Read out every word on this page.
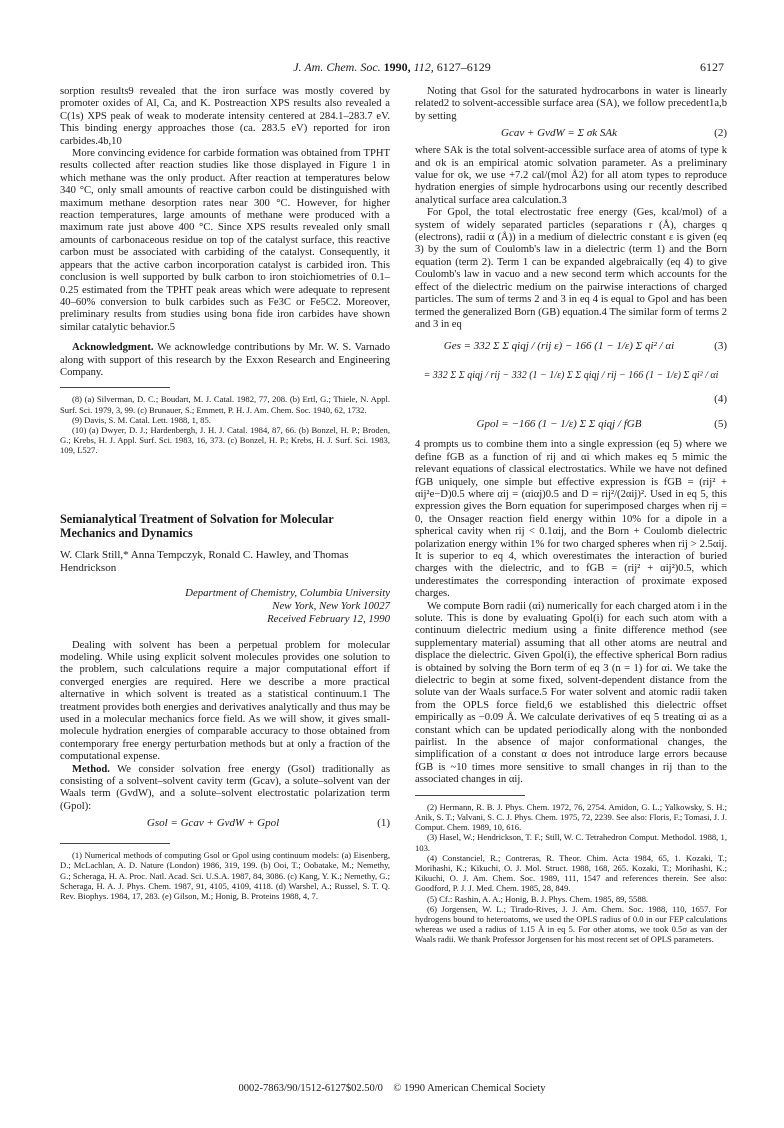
J. Am. Chem. Soc. 1990, 112, 6127–6129	6127

sorption results9 revealed that the iron surface was mostly covered by promoter oxides of Al, Ca, and K. Postreaction XPS results also revealed a C(1s) XPS peak of weak to moderate intensity centered at 284.1–283.7 eV. This binding energy approaches those (ca. 283.5 eV) reported for iron carbides.4b,10

More convincing evidence for carbide formation was obtained from TPHT results collected after reaction studies like those displayed in Figure 1 in which methane was the only product. After reaction at temperatures below 340 °C, only small amounts of reactive carbon could be distinguished with maximum methane desorption rates near 300 °C. However, for higher reaction temperatures, large amounts of methane were produced with a maximum rate just above 400 °C. Since XPS results revealed only small amounts of carbonaceous residue on top of the catalyst surface, this reactive carbon must be associated with carbiding of the catalyst. Consequently, it appears that the active carbon incorporation catalyst is carbided iron. This conclusion is well supported by bulk carbon to iron stoichiometries of 0.1–0.25 estimated from the TPHT peak areas which were adequate to represent 40–60% conversion to bulk carbides such as Fe3C or Fe5C2. Moreover, preliminary results from studies using bona fide iron carbides have shown similar catalytic behavior.5

Acknowledgment. We acknowledge contributions by Mr. W. S. Varnado along with support of this research by the Exxon Research and Engineering Company.

(8) (a) Silverman, D. C.; Boudart, M. J. Catal. 1982, 77, 208. (b) Ertl, G.; Thiele, N. Appl. Surf. Sci. 1979, 3, 99. (c) Brunauer, S.; Emmett, P. H. J. Am. Chem. Soc. 1940, 62, 1732.

(9) Davis, S. M. Catal. Lett. 1988, 1, 85.

(10) (a) Dwyer, D. J.; Hardenbergh, J. H. J. Catal. 1984, 87, 66. (b) Bonzel, H. P.; Broden, G.; Krebs, H. J. Appl. Surf. Sci. 1983, 16, 373. (c) Bonzel, H. P.; Krebs, H. J. Surf. Sci. 1983, 109, L527.

Semianalytical Treatment of Solvation for Molecular Mechanics and Dynamics

W. Clark Still,* Anna Tempczyk, Ronald C. Hawley, and Thomas Hendrickson

Department of Chemistry, Columbia University
New York, New York 10027
Received February 12, 1990

Dealing with solvent has been a perpetual problem for molecular modeling. While using explicit solvent molecules provides one solution to the problem, such calculations require a major computational effort if converged energies are required. Here we describe a more practical alternative in which solvent is treated as a statistical continuum.1 The treatment provides both energies and derivatives analytically and thus may be used in a molecular mechanics force field. As we will show, it gives small-molecule hydration energies of comparable accuracy to those obtained from contemporary free energy perturbation methods but at only a fraction of the computational expense.

Method. We consider solvation free energy (Gsol) traditionally as consisting of a solvent–solvent cavity term (Gcav), a solute–solvent van der Waals term (GvdW), and a solute–solvent electrostatic polarization term (Gpol):

Gsol = Gcav + GvdW + Gpol	(1)

(1) Numerical methods of computing Gsol or Gpol using continuum models: (a) Eisenberg, D.; McLachlan, A. D. Nature (London) 1986, 319, 199. (b) Ooi, T.; Oobatake, M.; Nemethy, G.; Scheraga, H. A. Proc. Natl. Acad. Sci. U.S.A. 1987, 84, 3086. (c) Kang, Y. K.; Nemethy, G.; Scheraga, H. A. J. Phys. Chem. 1987, 91, 4105, 4109, 4118. (d) Warshel, A.; Russel, S. T. Q. Rev. Biophys. 1984, 17, 283. (e) Gilson, M.; Honig, B. Proteins 1988, 4, 7.

Noting that Gsol for the saturated hydrocarbons in water is linearly related2 to solvent-accessible surface area (SA), we follow precedent1a,b by setting

Gcav + GvdW = Σ σk SAk	(2)

where SAk is the total solvent-accessible surface area of atoms of type k and σk is an empirical atomic solvation parameter. As a preliminary value for σk, we use +7.2 cal/(mol Å2) for all atom types to reproduce hydration energies of simple hydrocarbons using our recently described analytical surface area calculation.3

For Gpol, the total electrostatic free energy (Ges, kcal/mol) of a system of widely separated particles (separations r (Å), charges q (electrons), radii α (Å)) in a medium of dielectric constant ε is given (eq 3) by the sum of Coulomb's law in a dielectric (term 1) and the Born equation (term 2). Term 1 can be expanded algebraically (eq 4) to give Coulomb's law in vacuo and a new second term which accounts for the effect of the dielectric medium on the pairwise interactions of charged particles. The sum of terms 2 and 3 in eq 4 is equal to Gpol and has been termed the generalized Born (GB) equation.4 The similar form of terms 2 and 3 in eq

Ges = 332 Σ Σ qiqj / (rij ε) − 166 (1 − 1/ε) Σ qi² / αi	(3)
= 332 Σ Σ qiqj / rij − 332 (1 − 1/ε) Σ Σ qiqj / rij − 166 (1 − 1/ε) Σ qi² / αi
(4)
Gpol = −166 (1 − 1/ε) Σ Σ qiqj / fGB	(5)

4 prompts us to combine them into a single expression (eq 5) where we define fGB as a function of rij and αi which makes eq 5 mimic the relevant equations of classical electrostatics. While we have not defined fGB uniquely, one simple but effective expression is fGB = (rij² + αij²e−D)0.5 where αij = (αiαj)0.5 and D = rij²/(2αij)². Used in eq 5, this expression gives the Born equation for superimposed charges when rij = 0, the Onsager reaction field energy within 10% for a dipole in a spherical cavity when rij < 0.1αij, and the Born + Coulomb dielectric polarization energy within 1% for two charged spheres when rij > 2.5αij. It is superior to eq 4, which overestimates the interaction of buried charges with the dielectric, and to fGB = (rij² + αij²)0.5, which underestimates the corresponding interaction of proximate exposed charges.

We compute Born radii (αi) numerically for each charged atom i in the solute. This is done by evaluating Gpol(i) for each such atom with a continuum dielectric medium using a finite difference method (see supplementary material) assuming that all other atoms are neutral and displace the dielectric. Given Gpol(i), the effective spherical Born radius is obtained by solving the Born term of eq 3 (n = 1) for αi. We take the dielectric to begin at some fixed, solvent-dependent distance from the solute van der Waals surface.5 For water solvent and atomic radii taken from the OPLS force field,6 we established this dielectric offset empirically as −0.09 Å. We calculate derivatives of eq 5 treating αi as a constant which can be updated periodically along with the nonbonded pairlist. In the absence of major conformational changes, the simplification of a constant α does not introduce large errors because fGB is ~10 times more sensitive to small changes in rij than to the associated changes in αij.

(2) Hermann, R. B. J. Phys. Chem. 1972, 76, 2754. Amidon, G. L.; Yalkowsky, S. H.; Anik, S. T.; Valvani, S. C. J. Phys. Chem. 1975, 72, 2239. See also: Floris, F.; Tomasi, J. J. Comput. Chem. 1989, 10, 616.

(3) Hasel, W.; Hendrickson, T. F.; Still, W. C. Tetrahedron Comput. Methodol. 1988, 1, 103.

(4) Constanciel, R.; Contreras, R. Theor. Chim. Acta 1984, 65, 1. Kozaki, T.; Morihashi, K.; Kikuchi, O. J. Mol. Struct. 1988, 168, 265. Kozaki, T.; Morihashi, K.; Kikuchi, O. J. Am. Chem. Soc. 1989, 111, 1547 and references therein. See also: Goodford, P. J. J. Med. Chem. 1985, 28, 849.

(5) Cf.: Rashin, A. A.; Honig, B. J. Phys. Chem. 1985, 89, 5588.

(6) Jorgensen, W. L.; Tirado-Rives, J. J. Am. Chem. Soc. 1988, 110, 1657. For hydrogens bound to heteroatoms, we used the OPLS radius of 0.0 in our FEP calculations whereas we used a radius of 1.15 Å in eq 5. For other atoms, we took 0.5σ as van der Waals radii. We thank Professor Jorgensen for his most recent set of OPLS parameters.

0002-7863/90/1512-6127$02.50/0 © 1990 American Chemical Society
